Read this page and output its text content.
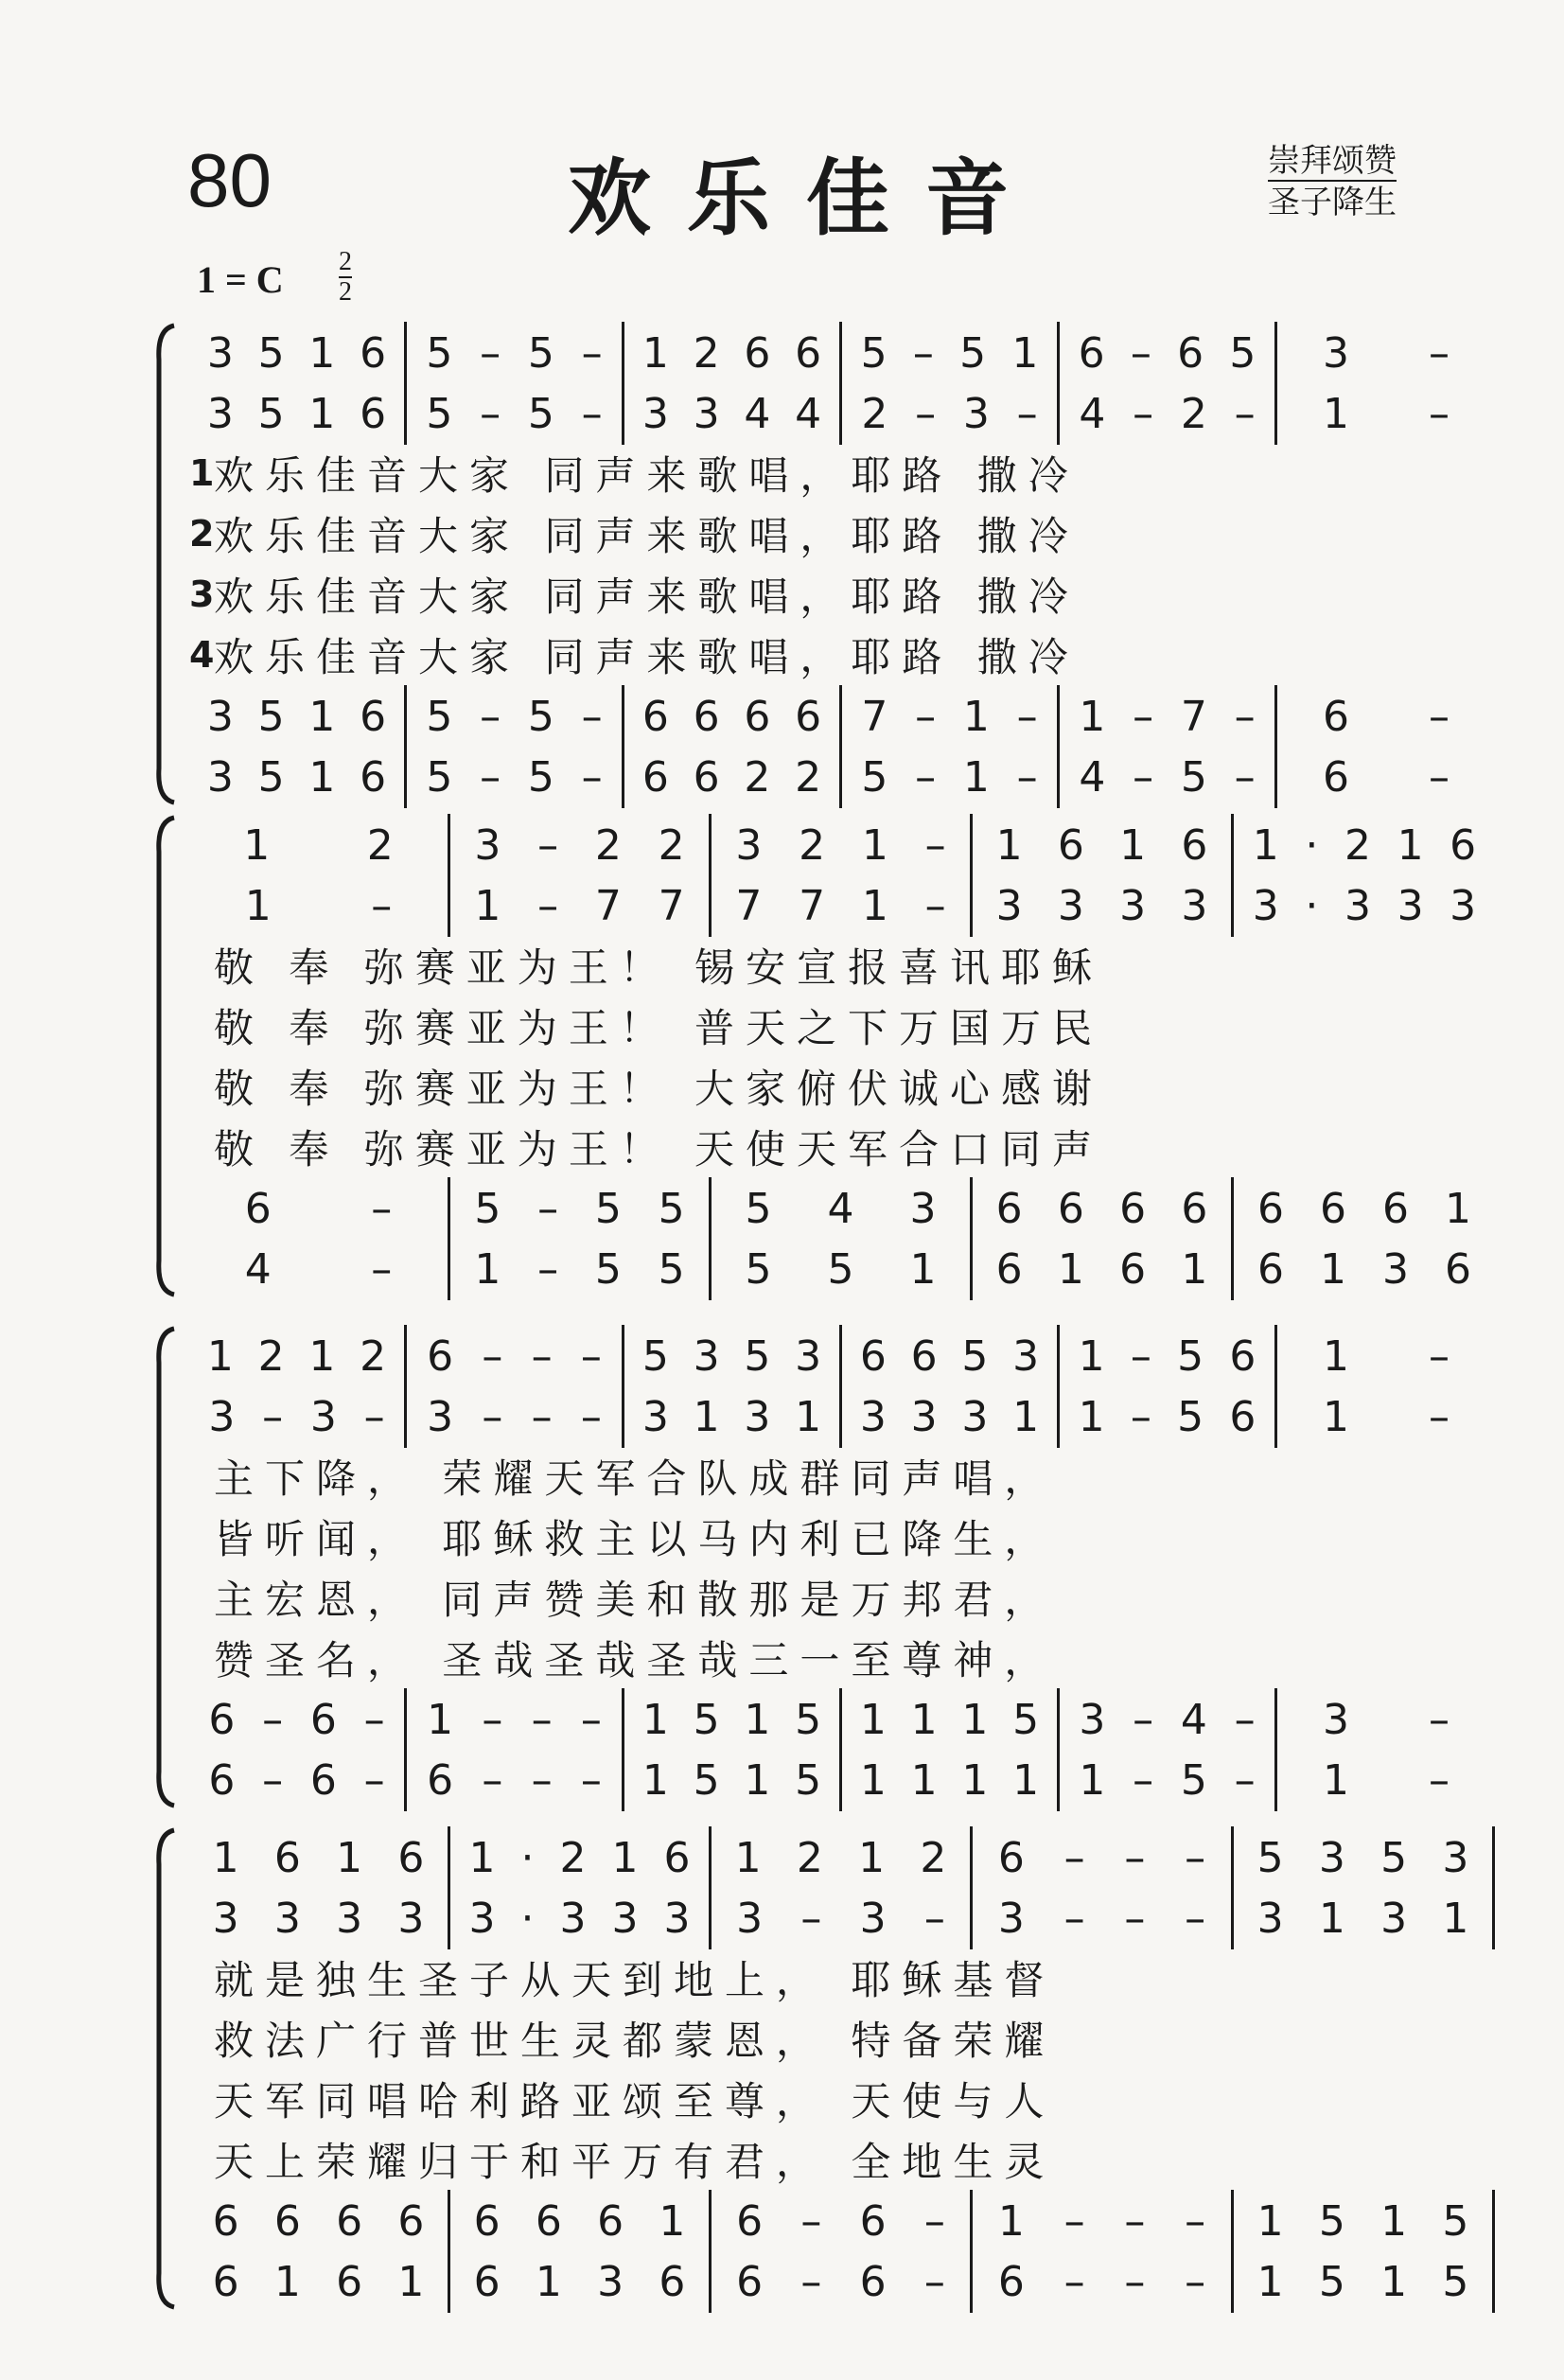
80	欢乐佳音	崇拜颂赞
圣子降生
1 = C $\frac{2}{2}$
3 5 1 6 5 – 5 – 1 2 6 6 5 – 5 1 6 – 6 5 3 –
3 5 1 6 5 – 5 – 3 3 4 4 2 – 3 – 4 – 2 – 1 –
1 欢乐佳音大家 同声来歌唱，耶路 撒冷
2 欢乐佳音大家 同声来歌唱，耶路 撒冷
3 欢乐佳音大家 同声来歌唱，耶路 撒冷
4 欢乐佳音大家 同声来歌唱，耶路 撒冷
3 5 1 6 5 – 5 – 6 6 6 6 7 – 1 – 1 – 7 – 6 –
3 5 1 6 5 – 5 – 6 6 2 2 5 – 1 – 4 – 5 – 6 –
1 2 3 – 2 2 3 2 1 – 1 6 1 6 1 · 2 1 6
1 – 1 – 7 7 7 7 1 – 3 3 3 3 3 · 3 3 3
敬 奉 弥赛亚为王！ 锡安宣报喜讯耶稣
敬 奉 弥赛亚为王！ 普天之下万国万民
敬 奉 弥赛亚为王！ 大家俯伏诚心感谢
敬 奉 弥赛亚为王！ 天使天军合口同声
6 – 5 – 5 5 5 4 3 6 6 6 6 6 6 6 1
4 – 1 – 5 5 5 5 1 6 1 6 1 6 1 3 6
1 2 1 2 6 – – – 5 3 5 3 6 6 5 3 1 – 5 6 1 –
3 – 3 – 3 – – – 3 1 3 1 3 3 3 1 1 – 5 6 1 –
主下降， 荣耀天军合队成群同声唱，
皆听闻， 耶稣救主以马内利已降生，
主宏恩， 同声赞美和散那是万邦君，
赞圣名， 圣哉圣哉圣哉三一至尊神，
6 – 6 – 1 – – – 1 5 1 5 1 1 1 5 3 – 4 – 3 –
6 – 6 – 6 – – – 1 5 1 5 1 1 1 1 1 – 5 – 1 –
1 6 1 6 1 · 2 1 6 1 2 1 2 6 – – – 5 3 5 3
3 3 3 3 3 · 3 3 3 3 – 3 – 3 – – – 3 1 3 1
就是独生圣子从天到地上， 耶稣基督
救法广行普世生灵都蒙恩， 特备荣耀
天军同唱哈利路亚颂至尊， 天使与人
天上荣耀归于和平万有君， 全地生灵
6 6 6 6 6 6 6 1 6 – 6 – 1 – – – 1 5 1 5
6 1 6 1 6 1 3 6 6 – 6 – 6 – – – 1 5 1 5
